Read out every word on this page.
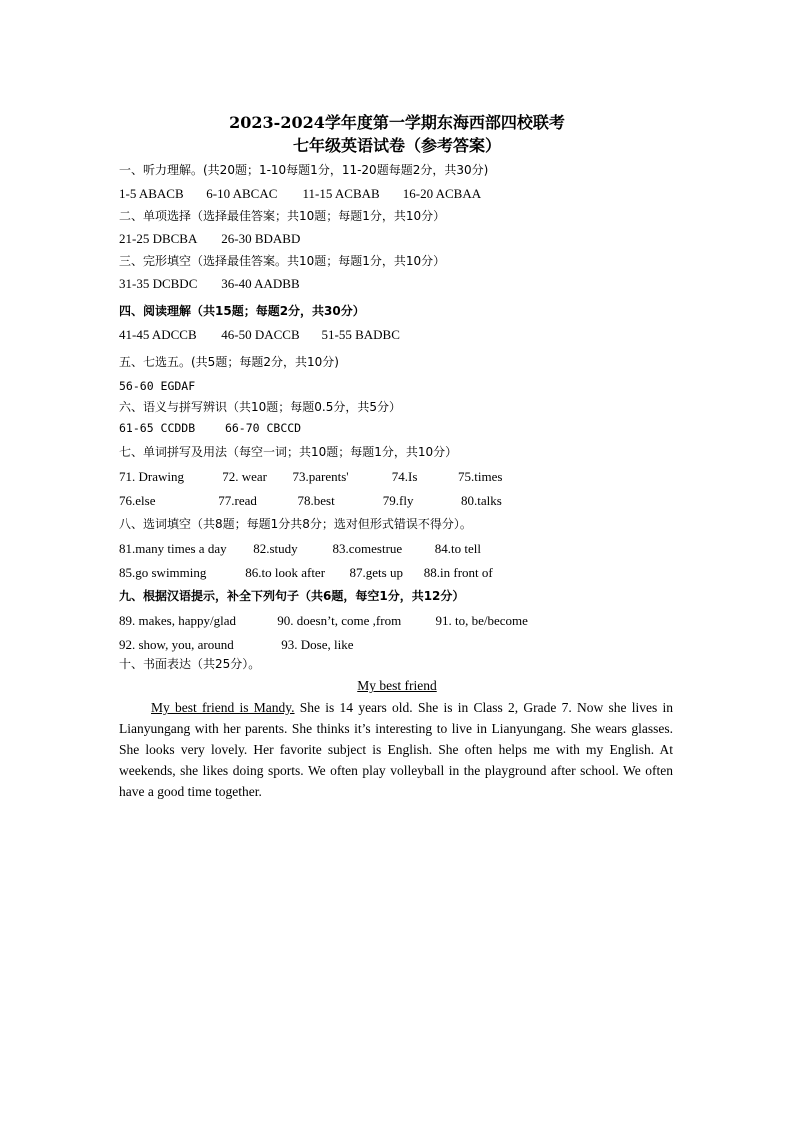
2023-2024学年度第一学期东海西部四校联考
七年级英语试卷（参考答案）
一、听力理解。(共20题；1-10每题1分，11-20题每题2分，共30分)
1-5 ABACB 6-10 ABCAC 11-15 ACBAB 16-20 ACBAA
二、单项选择（选择最佳答案；共10题；每题1分，共10分）
21-25 DBCBA 26-30 BDABD
三、完形填空（选择最佳答案。共10题；每题1分，共10分）
31-35 DCBDC 36-40 AADBB
四、阅读理解（共15题；每题2分，共30分）
41-45 ADCCB 46-50 DACCB 51-55 BADBC
五、七选五。(共5题；每题2分，共10分)
56-60 EGDAF
六、语义与拼写辨识（共10题；每题0.5分，共5分）
61-65 CCDDB	66-70 CBCCD
七、单词拼写及用法（每空一词；共10题；每题1分，共10分）
71. Drawing	72. wear 73.parents'	74.Is	75.times
76.else	77.read	78.best	79.fly	80.talks
八、选词填空（共8题；每题1分共8分；选对但形式错误不得分）。
81.many times a day 82.study	83.comestrue	84.to tell
85.go swimming	86.to look after 87.gets up 88.in front of
九、根据汉语提示，补全下列句子（共6题，每空1分，共12分）
89. makes, happy/glad	90. doesn’t, come ,from	91. to, be/become
92. show, you, around	93. Dose, like
十、书面表达（共25分）。
My best friend
My best friend is Mandy. She is 14 years old. She is in Class 2, Grade 7. Now she lives in Lianyungang with her parents. She thinks it’s interesting to live in Lianyungang. She wears glasses. She looks very lovely. Her favorite subject is English. She often helps me with my English. At weekends, she likes doing sports. We often play volleyball in the playground after school. We often have a good time together.
